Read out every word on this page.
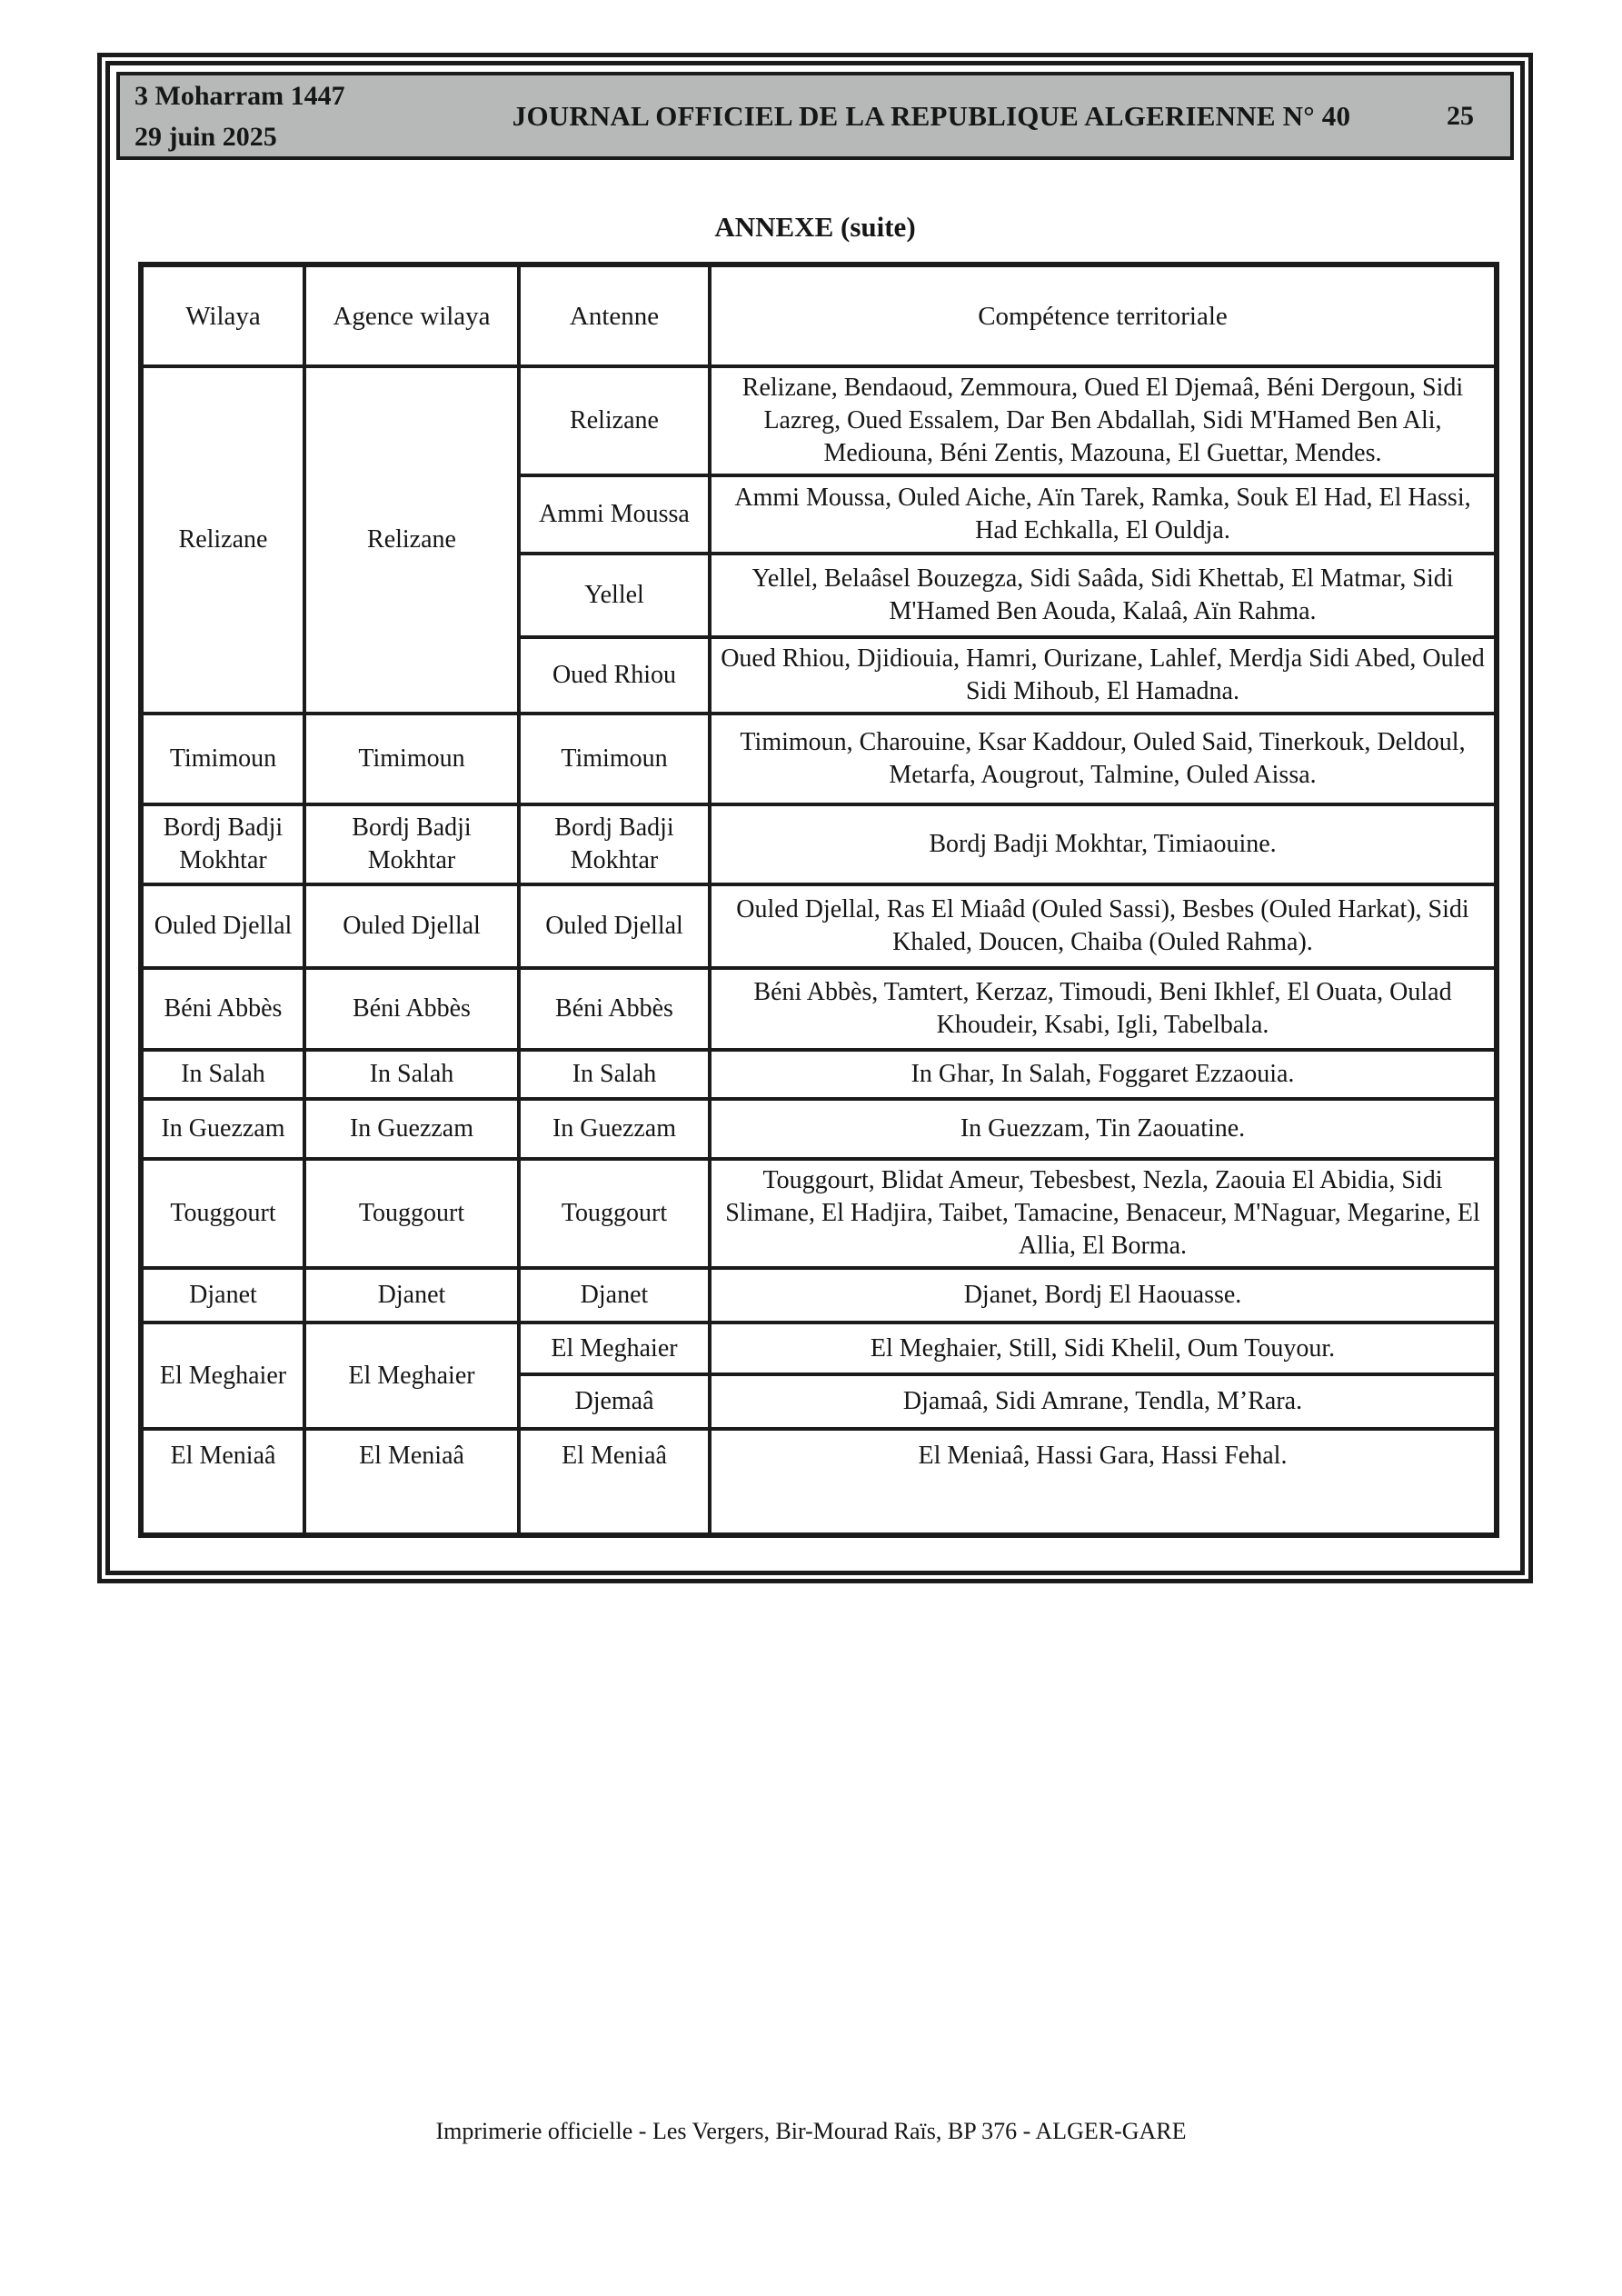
3 Moharram 1447
29 juin 2025
JOURNAL OFFICIEL DE LA REPUBLIQUE ALGERIENNE N° 40	25
ANNEXE (suite)
Wilaya	Agence wilaya	Antenne	Compétence territoriale
Relizane	Relizane	Relizane	Relizane, Bendaoud, Zemmoura, Oued El Djemaâ, Béni Dergoun, Sidi Lazreg, Oued Essalem, Dar Ben Abdallah, Sidi M'Hamed Ben Ali, Mediouna, Béni Zentis, Mazouna, El Guettar, Mendes.
		Ammi Moussa	Ammi Moussa, Ouled Aiche, Aïn Tarek, Ramka, Souk El Had, El Hassi, Had Echkalla, El Ouldja.
		Yellel	Yellel, Belaâsel Bouzegza, Sidi Saâda, Sidi Khettab, El Matmar, Sidi M'Hamed Ben Aouda, Kalaâ, Aïn Rahma.
		Oued Rhiou	Oued Rhiou, Djidiouia, Hamri, Ourizane, Lahlef, Merdja Sidi Abed, Ouled Sidi Mihoub, El Hamadna.
Timimoun	Timimoun	Timimoun	Timimoun, Charouine, Ksar Kaddour, Ouled Said, Tinerkouk, Deldoul, Metarfa, Aougrout, Talmine, Ouled Aissa.
Bordj Badji Mokhtar	Bordj Badji Mokhtar	Bordj Badji Mokhtar	Bordj Badji Mokhtar, Timiaouine.
Ouled Djellal	Ouled Djellal	Ouled Djellal	Ouled Djellal, Ras El Miaâd (Ouled Sassi), Besbes (Ouled Harkat), Sidi Khaled, Doucen, Chaiba (Ouled Rahma).
Béni Abbès	Béni Abbès	Béni Abbès	Béni Abbès, Tamtert, Kerzaz, Timoudi, Beni Ikhlef, El Ouata, Oulad Khoudeir, Ksabi, Igli, Tabelbala.
In Salah	In Salah	In Salah	In Ghar, In Salah, Foggaret Ezzaouia.
In Guezzam	In Guezzam	In Guezzam	In Guezzam, Tin Zaouatine.
Touggourt	Touggourt	Touggourt	Touggourt, Blidat Ameur, Tebesbest, Nezla, Zaouia El Abidia, Sidi Slimane, El Hadjira, Taibet, Tamacine, Benaceur, M'Naguar, Megarine, El Allia, El Borma.
Djanet	Djanet	Djanet	Djanet, Bordj El Haouasse.
El Meghaier	El Meghaier	El Meghaier	El Meghaier, Still, Sidi Khelil, Oum Touyour.
		Djemaâ	Djamaâ, Sidi Amrane, Tendla, M’Rara.
El Meniaâ	El Meniaâ	El Meniaâ	El Meniaâ, Hassi Gara, Hassi Fehal.
Imprimerie officielle - Les Vergers, Bir-Mourad Raïs, BP 376 - ALGER-GARE
